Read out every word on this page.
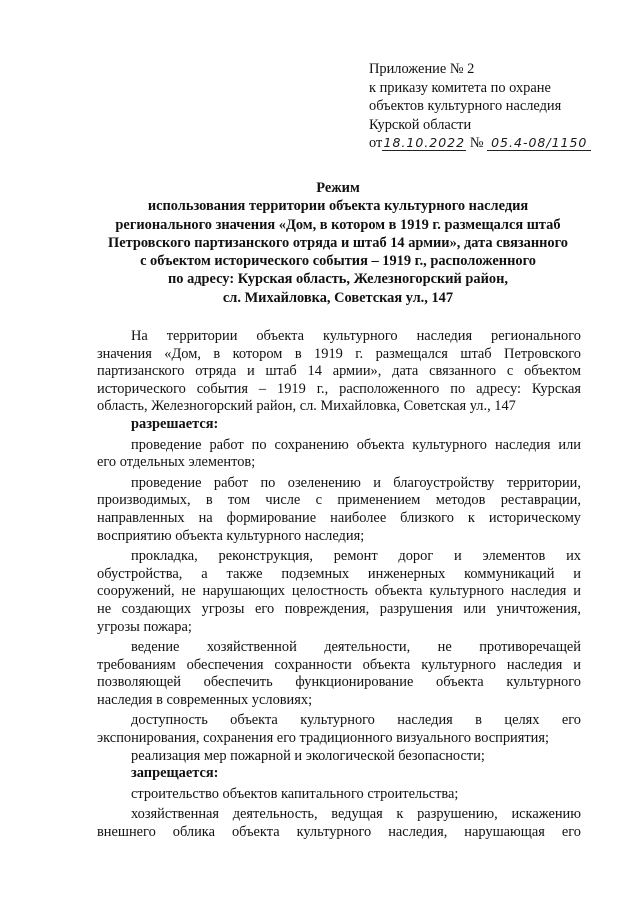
Приложение № 2
к приказу комитета по охране
объектов культурного наследия
Курской области
от18.10.2022 № 05.4-08/1150
Режим
использования территории объекта культурного наследия
регионального значения «Дом, в котором в 1919 г. размещался штаб
Петровского партизанского отряда и штаб 14 армии», дата связанного
с объектом исторического события – 1919 г., расположенного
по адресу: Курская область, Железногорский район,
сл. Михайловка, Советская ул., 147
На территории объекта культурного наследия регионального
значения «Дом, в котором в 1919 г. размещался штаб Петровского
партизанского отряда и штаб 14 армии», дата связанного с объектом
исторического события – 1919 г., расположенного по адресу: Курская
область, Железногорский район, сл. Михайловка, Советская ул., 147
разрешается:
проведение работ по сохранению объекта культурного наследия или
его отдельных элементов;
проведение работ по озеленению и благоустройству территории,
производимых, в том числе с применением методов реставрации,
направленных на формирование наиболее близкого к историческому
восприятию объекта культурного наследия;
прокладка, реконструкция, ремонт дорог и элементов их
обустройства, а также подземных инженерных коммуникаций и
сооружений, не нарушающих целостность объекта культурного наследия и
не создающих угрозы его повреждения, разрушения или уничтожения,
угрозы пожара;
ведение хозяйственной деятельности, не противоречащей
требованиям обеспечения сохранности объекта культурного наследия и
позволяющей обеспечить функционирование объекта культурного
наследия в современных условиях;
доступность объекта культурного наследия в целях его
экспонирования, сохранения его традиционного визуального восприятия;
реализация мер пожарной и экологической безопасности;
запрещается:
строительство объектов капитального строительства;
хозяйственная деятельность, ведущая к разрушению, искажению
внешнего облика объекта культурного наследия, нарушающая его
